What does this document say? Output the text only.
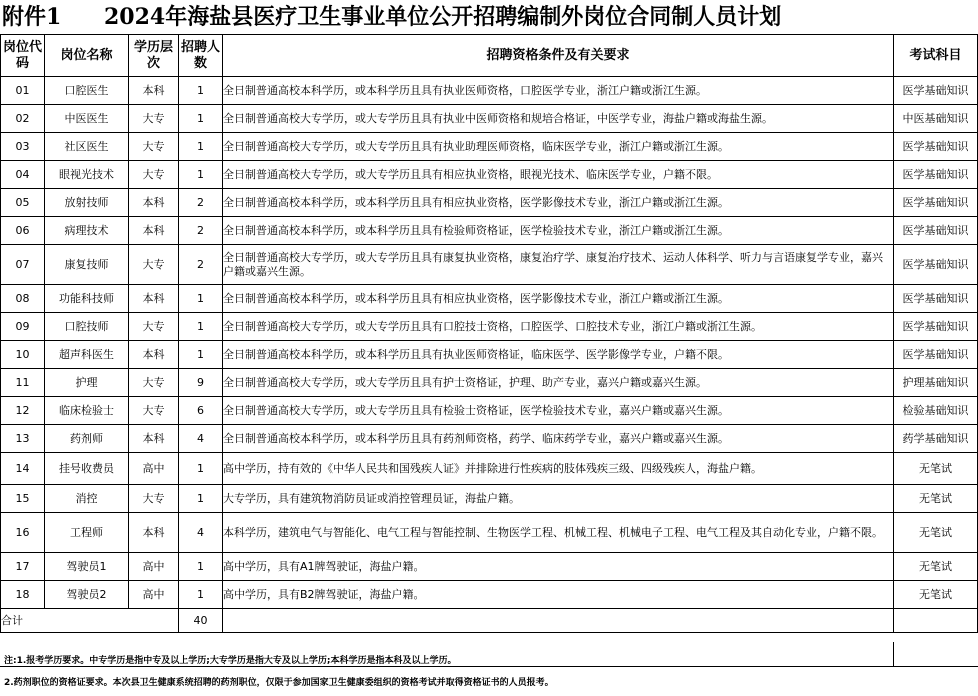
附件1 2024年海盐县医疗卫生事业单位公开招聘编制外岗位合同制人员计划
岗位代码	岗位名称	学历层次	招聘人数	招聘资格条件及有关要求	考试科目
01	口腔医生	本科	1	全日制普通高校本科学历，或本科学历且具有执业医师资格，口腔医学专业，浙江户籍或浙江生源。	医学基础知识
02	中医医生	大专	1	全日制普通高校大专学历，或大专学历且具有执业中医师资格和规培合格证，中医学专业，海盐户籍或海盐生源。	中医基础知识
03	社区医生	大专	1	全日制普通高校大专学历，或大专学历且具有执业助理医师资格，临床医学专业，浙江户籍或浙江生源。	医学基础知识
04	眼视光技术	大专	1	全日制普通高校大专学历，或大专学历且具有相应执业资格，眼视光技术、临床医学专业，户籍不限。	医学基础知识
05	放射技师	本科	2	全日制普通高校本科学历，或本科学历且具有相应执业资格，医学影像技术专业，浙江户籍或浙江生源。	医学基础知识
06	病理技术	本科	2	全日制普通高校本科学历，或本科学历且具有检验师资格证，医学检验技术专业，浙江户籍或浙江生源。	医学基础知识
07	康复技师	大专	2	全日制普通高校大专学历，或大专学历且具有康复执业资格，康复治疗学、康复治疗技术、运动人体科学、听力与言语康复学专业，嘉兴户籍或嘉兴生源。	医学基础知识
08	功能科技师	本科	1	全日制普通高校本科学历，或本科学历且具有相应执业资格，医学影像技术专业，浙江户籍或浙江生源。	医学基础知识
09	口腔技师	大专	1	全日制普通高校大专学历，或大专学历且具有口腔技士资格，口腔医学、口腔技术专业，浙江户籍或浙江生源。	医学基础知识
10	超声科医生	本科	1	全日制普通高校本科学历，或本科学历且具有执业医师资格证，临床医学、医学影像学专业，户籍不限。	医学基础知识
11	护理	大专	9	全日制普通高校大专学历，或大专学历且具有护士资格证，护理、助产专业，嘉兴户籍或嘉兴生源。	护理基础知识
12	临床检验士	大专	6	全日制普通高校大专学历，或大专学历且具有检验士资格证，医学检验技术专业，嘉兴户籍或嘉兴生源。	检验基础知识
13	药剂师	本科	4	全日制普通高校本科学历，或本科学历且具有药剂师资格，药学、临床药学专业，嘉兴户籍或嘉兴生源。	药学基础知识
14	挂号收费员	高中	1	高中学历，持有效的《中华人民共和国残疾人证》并排除进行性疾病的肢体残疾三级、四级残疾人，海盐户籍。	无笔试
15	消控	大专	1	大专学历，具有建筑物消防员证或消控管理员证，海盐户籍。	无笔试
16	工程师	本科	4	本科学历，建筑电气与智能化、电气工程与智能控制、生物医学工程、机械工程、机械电子工程、电气工程及其自动化专业，户籍不限。	无笔试
17	驾驶员1	高中	1	高中学历，具有A1牌驾驶证，海盐户籍。	无笔试
18	驾驶员2	高中	1	高中学历，具有B2牌驾驶证，海盐户籍。	无笔试
合计			40		
注:1.报考学历要求。中专学历是指中专及以上学历;大专学历是指大专及以上学历;本科学历是指本科及以上学历。
2.药剂职位的资格证要求。本次县卫生健康系统招聘的药剂职位，仅限于参加国家卫生健康委组织的资格考试并取得资格证书的人员报考。
